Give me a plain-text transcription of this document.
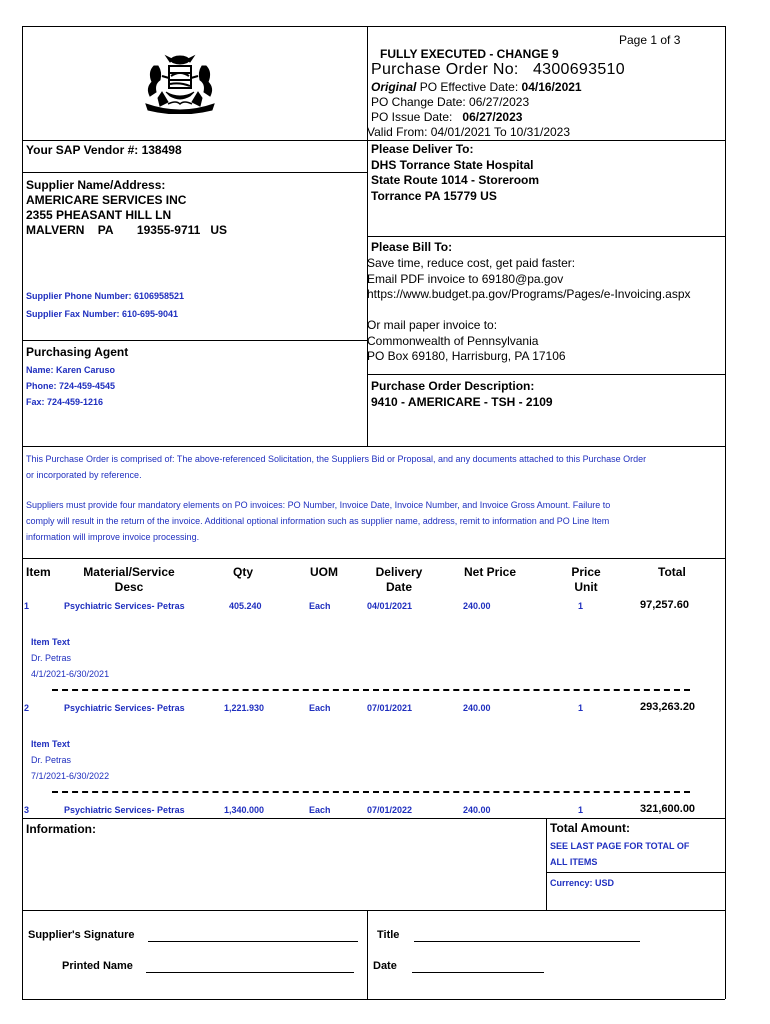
Page 1 of 3
FULLY EXECUTED - CHANGE 9
Purchase Order No: 4300693510
Original PO Effective Date: 04/16/2021
PO Change Date: 06/27/2023
PO Issue Date: 06/27/2023
Valid From: 04/01/2021 To 10/31/2023
Your SAP Vendor #: 138498
Supplier Name/Address:
AMERICARE SERVICES INC
2355 PHEASANT HILL LN
MALVERN PA 19355-9711 US
Supplier Phone Number: 6106958521
Supplier Fax Number: 610-695-9041
Purchasing Agent
Name: Karen Caruso
Phone: 724-459-4545
Fax: 724-459-1216
Please Deliver To:
DHS Torrance State Hospital
State Route 1014 - Storeroom
Torrance PA 15779 US
Please Bill To:
Save time, reduce cost, get paid faster:
Email PDF invoice to 69180@pa.gov
https://www.budget.pa.gov/Programs/Pages/e-Invoicing.aspx
Or mail paper invoice to:
Commonwealth of Pennsylvania
PO Box 69180, Harrisburg, PA 17106
Purchase Order Description:
9410 - AMERICARE - TSH - 2109
This Purchase Order is comprised of: The above-referenced Solicitation, the Suppliers Bid or Proposal, and any documents attached to this Purchase Order
or incorporated by reference.
Suppliers must provide four mandatory elements on PO invoices: PO Number, Invoice Date, Invoice Number, and Invoice Gross Amount. Failure to
comply will result in the return of the invoice. Additional optional information such as supplier name, address, remit to information and PO Line Item
information will improve invoice processing.
Item	Material/Service
Desc
Qty	UOM	Delivery
Date
Net Price	Price
Unit
Total
1	Psychiatric Services- Petras	405.240	Each	04/01/2021	240.00	1	97,257.60
Item Text
Dr. Petras
4/1/2021-6/30/2021
2	Psychiatric Services- Petras	1,221.930	Each	07/01/2021	240.00	1	293,263.20
Item Text
Dr. Petras
7/1/2021-6/30/2022
3	Psychiatric Services- Petras	1,340.000	Each	07/01/2022	240.00	1	321,600.00
Information:	Total Amount:
SEE LAST PAGE FOR TOTAL OF
ALL ITEMS
Currency: USD
Supplier's Signature
Printed Name
Title
Date
